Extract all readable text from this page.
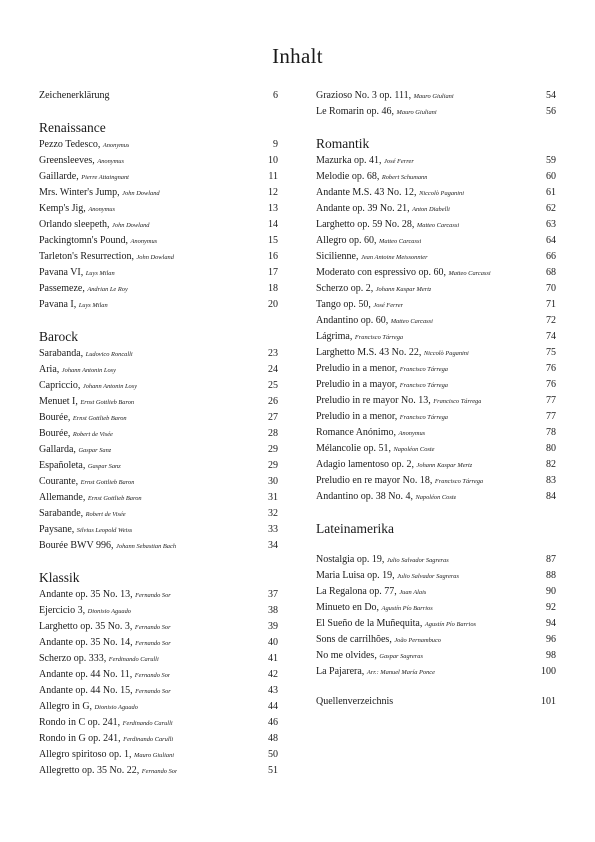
Inhalt
Zeichenerklärung	6
Renaissance
Pezzo Tedesco, Anonymus	9
Greensleeves, Anonymus	10
Gaillarde, Pierre Attaingnant	11
Mrs. Winter's Jump, John Dowland	12
Kemp's Jig, Anonymus	13
Orlando sleepeth, John Dowland	14
Packingtomn's Pound, Anonymus	15
Tarleton's Resurrection, John Dowland	16
Pavana VI, Luys Milan	17
Passemeze, Andrian Le Roy	18
Pavana I, Luys Milan	20
Barock
Sarabanda, Ludovico Roncalli	23
Aria, Johann Antonin Losy	24
Capriccio, Johann Antonin Losy	25
Menuet I, Ernst Gottlieb Baron	26
Bourée, Ernst Gottlieb Baron	27
Bourée, Robert de Visée	28
Gallarda, Gaspar Sanz	29
Españoleta, Gaspar Sanz	29
Courante, Ernst Gottlieb Baron	30
Allemande, Ernst Gottlieb Baron	31
Sarabande, Robert de Visée	32
Paysane, Silvius Leopold Weiss	33
Bourée BWV 996, Johann Sebastian Bach	34
Klassik
Andante op. 35 No. 13, Fernando Sor	37
Ejercicio 3, Dionisio Aguado	38
Larghetto op. 35 No. 3, Fernando Sor	39
Andante op. 35 No. 14, Fernando Sor	40
Scherzo op. 333, Ferdinando Carulli	41
Andante op. 44 No. 11, Fernando Sor	42
Andante op. 44 No. 15, Fernando Sor	43
Allegro in G, Dionisio Aguado	44
Rondo in C op. 241, Ferdinando Carulli	46
Rondo in G op. 241, Ferdinando Carulli	48
Allegro spiritoso op. 1, Mauro Giuliani	50
Allegretto op. 35 No. 22, Fernando Sor	51
Grazioso No. 3 op. 111, Mauro Giuliani	54
Le Romarin op. 46, Mauro Giuliani	56
Romantik
Mazurka op. 41, José Ferrer	59
Melodie op. 68, Robert Schumann	60
Andante M.S. 43 No. 12, Niccolò Paganini	61
Andante op. 39 No. 21, Anton Diabelli	62
Larghetto op. 59 No. 28, Matteo Carcassi	63
Allegro op. 60, Matteo Carcassi	64
Sicilienne, Jean Antoine Meissonnier	66
Moderato con espressivo op. 60, Matteo Carcassi	68
Scherzo op. 2, Johann Kaspar Mertz	70
Tango op. 50, José Ferrer	71
Andantino op. 60, Matteo Carcassi	72
Lágrima, Francisco Tárrega	74
Larghetto M.S. 43 No. 22, Niccolò Paganini	75
Preludio in a menor, Francisco Tárrega	76
Preludio in a mayor, Francisco Tárrega	76
Preludio in re mayor No. 13, Francisco Tárrega	77
Preludio in a menor, Francisco Tárrega	77
Romance Anónimo, Anonymus	78
Mélancolie op. 51, Napoléon Coste	80
Adagio lamentoso op. 2, Johann Kaspar Mertz	82
Preludio en re mayor No. 18, Francisco Tárrega	83
Andantino op. 38 No. 4, Napoléon Coste	84
Lateinamerika
Nostalgia op. 19, Julio Salvador Sagreras	87
Maria Luisa op. 19, Julio Salvador Sagreras	88
La Regalona op. 77, Juan Alais	90
Minueto en Do, Agustín Pío Barrios	92
El Sueño de la Muñequita, Agustín Pío Barrios	94
Sons de carrilhões, João Pernambuco	96
No me olvides, Gaspar Sagreras	98
La Pajarera, Arr.: Manuel María Ponce	100
Quellenverzeichnis	101
